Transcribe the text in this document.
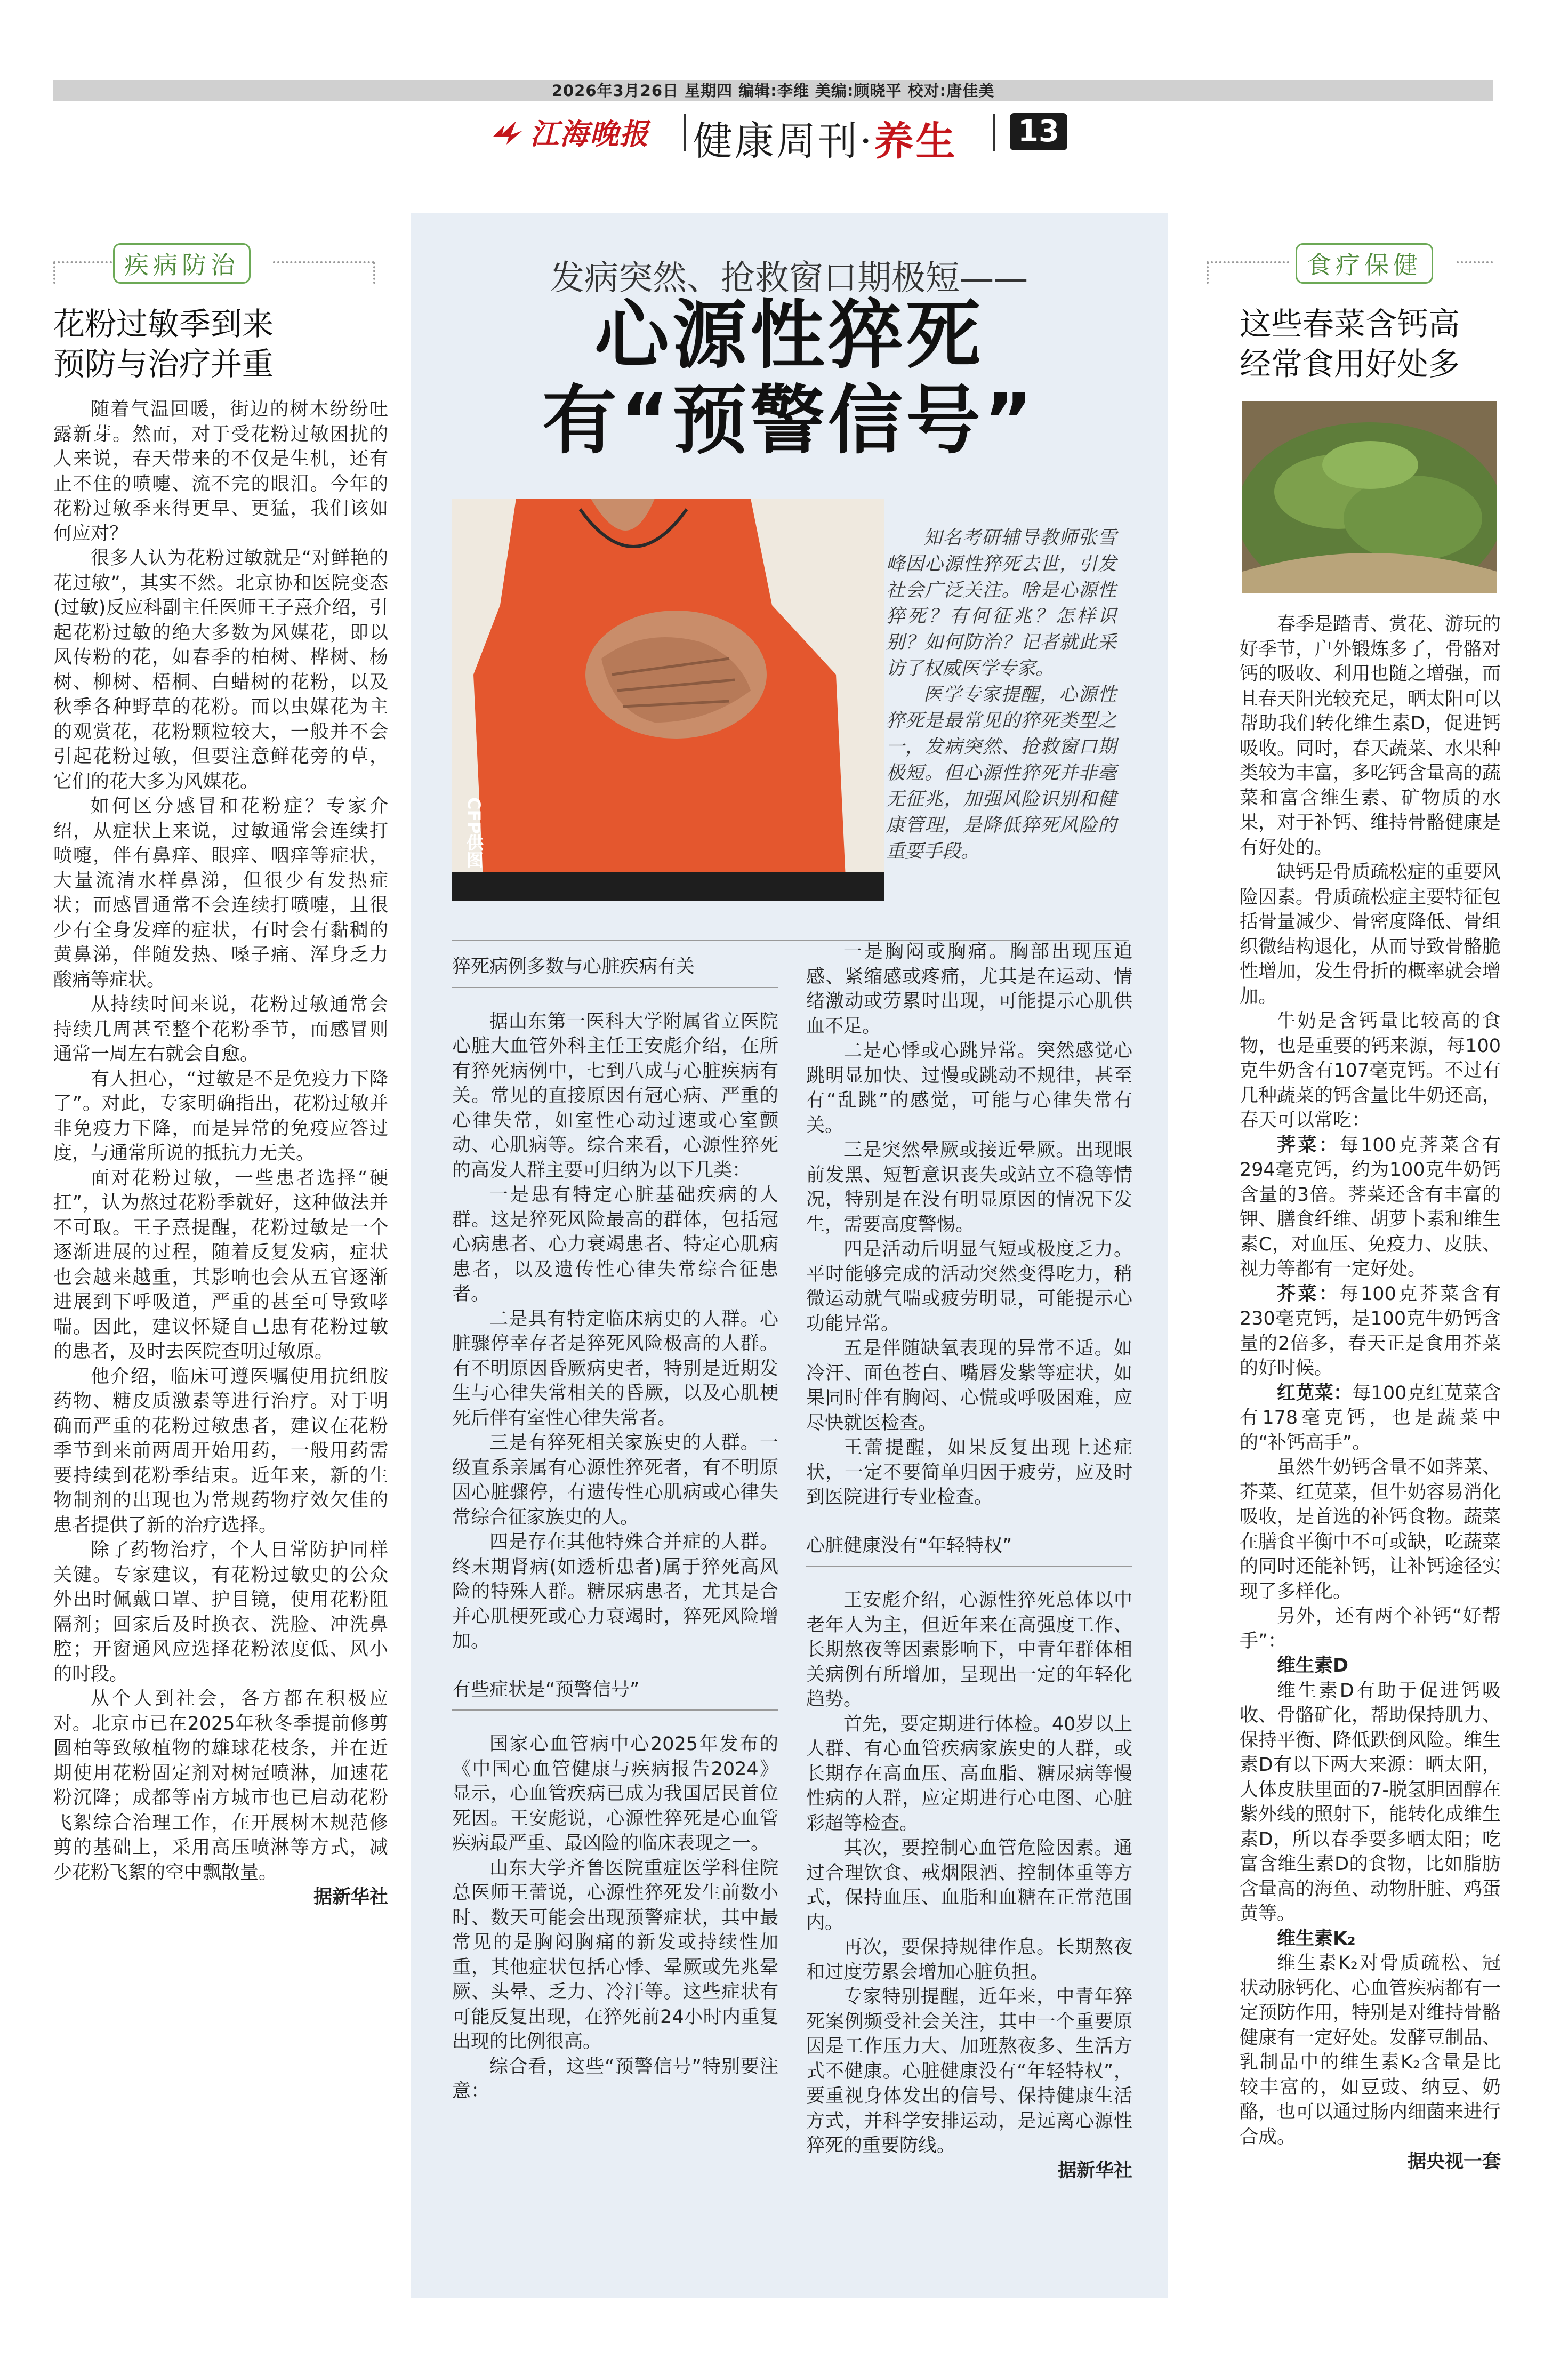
2026年3月26日 星期四 编辑:李维 美编:顾晓平 校对:唐佳美
江海晚报 健康周刊·养生 13
疾病防治
花粉过敏季到来
预防与治疗并重

随着气温回暖，街边的树木纷纷吐露新芽。然而，对于受花粉过敏困扰的人来说，春天带来的不仅是生机，还有止不住的喷嚏、流不完的眼泪。今年的花粉过敏季来得更早、更猛，我们该如何应对？

很多人认为花粉过敏就是“对鲜艳的花过敏”，其实不然。北京协和医院变态(过敏)反应科副主任医师王子熹介绍，引起花粉过敏的绝大多数为风媒花，即以风传粉的花，如春季的柏树、桦树、杨树、柳树、梧桐、白蜡树的花粉，以及秋季各种野草的花粉。而以虫媒花为主的观赏花，花粉颗粒较大，一般并不会引起花粉过敏，但要注意鲜花旁的草，它们的花大多为风媒花。

如何区分感冒和花粉症？专家介绍，从症状上来说，过敏通常会连续打喷嚏，伴有鼻痒、眼痒、咽痒等症状，大量流清水样鼻涕，但很少有发热症状；而感冒通常不会连续打喷嚏，且很少有全身发痒的症状，有时会有黏稠的黄鼻涕，伴随发热、嗓子痛、浑身乏力酸痛等症状。

从持续时间来说，花粉过敏通常会持续几周甚至整个花粉季节，而感冒则通常一周左右就会自愈。

有人担心，“过敏是不是免疫力下降了”。对此，专家明确指出，花粉过敏并非免疫力下降，而是异常的免疫应答过度，与通常所说的抵抗力无关。

面对花粉过敏，一些患者选择“硬扛”，认为熬过花粉季就好，这种做法并不可取。王子熹提醒，花粉过敏是一个逐渐进展的过程，随着反复发病，症状也会越来越重，其影响也会从五官逐渐进展到下呼吸道，严重的甚至可导致哮喘。因此，建议怀疑自己患有花粉过敏的患者，及时去医院查明过敏原。

他介绍，临床可遵医嘱使用抗组胺药物、糖皮质激素等进行治疗。对于明确而严重的花粉过敏患者，建议在花粉季节到来前两周开始用药，一般用药需要持续到花粉季结束。近年来，新的生物制剂的出现也为常规药物疗效欠佳的患者提供了新的治疗选择。

除了药物治疗，个人日常防护同样关键。专家建议，有花粉过敏史的公众外出时佩戴口罩、护目镜，使用花粉阻隔剂；回家后及时换衣、洗脸、冲洗鼻腔；开窗通风应选择花粉浓度低、风小的时段。

从个人到社会，各方都在积极应对。北京市已在2025年秋冬季提前修剪圆柏等致敏植物的雄球花枝条，并在近期使用花粉固定剂对树冠喷淋，加速花粉沉降；成都等南方城市也已启动花粉飞絮综合治理工作，在开展树木规范修剪的基础上，采用高压喷淋等方式，减少花粉飞絮的空中飘散量。

据新华社

发病突然、抢救窗口期极短——
心源性猝死
有“预警信号”
CFP供图

知名考研辅导教师张雪峰因心源性猝死去世，引发社会广泛关注。啥是心源性猝死？有何征兆？怎样识别？如何防治？记者就此采访了权威医学专家。

医学专家提醒，心源性猝死是最常见的猝死类型之一，发病突然、抢救窗口期极短。但心源性猝死并非毫无征兆，加强风险识别和健康管理，是降低猝死风险的重要手段。

猝死病例多数与心脏疾病有关

据山东第一医科大学附属省立医院心脏大血管外科主任王安彪介绍，在所有猝死病例中，七到八成与心脏疾病有关。常见的直接原因有冠心病、严重的心律失常，如室性心动过速或心室颤动、心肌病等。综合来看，心源性猝死的高发人群主要可归纳为以下几类：

一是患有特定心脏基础疾病的人群。这是猝死风险最高的群体，包括冠心病患者、心力衰竭患者、特定心肌病患者，以及遗传性心律失常综合征患者。

二是具有特定临床病史的人群。心脏骤停幸存者是猝死风险极高的人群。有不明原因昏厥病史者，特别是近期发生与心律失常相关的昏厥，以及心肌梗死后伴有室性心律失常者。

三是有猝死相关家族史的人群。一级直系亲属有心源性猝死者，有不明原因心脏骤停，有遗传性心肌病或心律失常综合征家族史的人。

四是存在其他特殊合并症的人群。终末期肾病(如透析患者)属于猝死高风险的特殊人群。糖尿病患者，尤其是合并心肌梗死或心力衰竭时，猝死风险增加。

有些症状是“预警信号”

国家心血管病中心2025年发布的《中国心血管健康与疾病报告2024》显示，心血管疾病已成为我国居民首位死因。王安彪说，心源性猝死是心血管疾病最严重、最凶险的临床表现之一。

山东大学齐鲁医院重症医学科住院总医师王蕾说，心源性猝死发生前数小时、数天可能会出现预警症状，其中最常见的是胸闷胸痛的新发或持续性加重，其他症状包括心悸、晕厥或先兆晕厥、头晕、乏力、冷汗等。这些症状有可能反复出现，在猝死前24小时内重复出现的比例很高。

综合看，这些“预警信号”特别要注意：

一是胸闷或胸痛。胸部出现压迫感、紧缩感或疼痛，尤其是在运动、情绪激动或劳累时出现，可能提示心肌供血不足。

二是心悸或心跳异常。突然感觉心跳明显加快、过慢或跳动不规律，甚至有“乱跳”的感觉，可能与心律失常有关。

三是突然晕厥或接近晕厥。出现眼前发黑、短暂意识丧失或站立不稳等情况，特别是在没有明显原因的情况下发生，需要高度警惕。

四是活动后明显气短或极度乏力。平时能够完成的活动突然变得吃力，稍微运动就气喘或疲劳明显，可能提示心功能异常。

五是伴随缺氧表现的异常不适。如冷汗、面色苍白、嘴唇发紫等症状，如果同时伴有胸闷、心慌或呼吸困难，应尽快就医检查。

王蕾提醒，如果反复出现上述症状，一定不要简单归因于疲劳，应及时到医院进行专业检查。

心脏健康没有“年轻特权”

王安彪介绍，心源性猝死总体以中老年人为主，但近年来在高强度工作、长期熬夜等因素影响下，中青年群体相关病例有所增加，呈现出一定的年轻化趋势。

首先，要定期进行体检。40岁以上人群、有心血管疾病家族史的人群，或长期存在高血压、高血脂、糖尿病等慢性病的人群，应定期进行心电图、心脏彩超等检查。

其次，要控制心血管危险因素。通过合理饮食、戒烟限酒、控制体重等方式，保持血压、血脂和血糖在正常范围内。

再次，要保持规律作息。长期熬夜和过度劳累会增加心脏负担。

专家特别提醒，近年来，中青年猝死案例频受社会关注，其中一个重要原因是工作压力大、加班熬夜多、生活方式不健康。心脏健康没有“年轻特权”，要重视身体发出的信号、保持健康生活方式，并科学安排运动，是远离心源性猝死的重要防线。

据新华社

食疗保健
这些春菜含钙高
经常食用好处多

春季是踏青、赏花、游玩的好季节，户外锻炼多了，骨骼对钙的吸收、利用也随之增强，而且春天阳光较充足，晒太阳可以帮助我们转化维生素D，促进钙吸收。同时，春天蔬菜、水果种类较为丰富，多吃钙含量高的蔬菜和富含维生素、矿物质的水果，对于补钙、维持骨骼健康是有好处的。

缺钙是骨质疏松症的重要风险因素。骨质疏松症主要特征包括骨量减少、骨密度降低、骨组织微结构退化，从而导致骨骼脆性增加，发生骨折的概率就会增加。

牛奶是含钙量比较高的食物，也是重要的钙来源，每100克牛奶含有107毫克钙。不过有几种蔬菜的钙含量比牛奶还高，春天可以常吃：

荠菜：每100克荠菜含有294毫克钙，约为100克牛奶钙含量的3倍。荠菜还含有丰富的钾、膳食纤维、胡萝卜素和维生素C，对血压、免疫力、皮肤、视力等都有一定好处。

芥菜：每100克芥菜含有230毫克钙，是100克牛奶钙含量的2倍多，春天正是食用芥菜的好时候。

红苋菜：每100克红苋菜含有178毫克钙，也是蔬菜中的“补钙高手”。

虽然牛奶钙含量不如荠菜、芥菜、红苋菜，但牛奶容易消化吸收，是首选的补钙食物。蔬菜在膳食平衡中不可或缺，吃蔬菜的同时还能补钙，让补钙途径实现了多样化。

另外，还有两个补钙“好帮手”：

维生素D

维生素D有助于促进钙吸收、骨骼矿化，帮助保持肌力、保持平衡、降低跌倒风险。维生素D有以下两大来源：晒太阳，人体皮肤里面的7-脱氢胆固醇在紫外线的照射下，能转化成维生素D，所以春季要多晒太阳；吃富含维生素D的食物，比如脂肪含量高的海鱼、动物肝脏、鸡蛋黄等。

维生素K₂

维生素K₂对骨质疏松、冠状动脉钙化、心血管疾病都有一定预防作用，特别是对维持骨骼健康有一定好处。发酵豆制品、乳制品中的维生素K₂含量是比较丰富的，如豆豉、纳豆、奶酪，也可以通过肠内细菌来进行合成。

据央视一套
